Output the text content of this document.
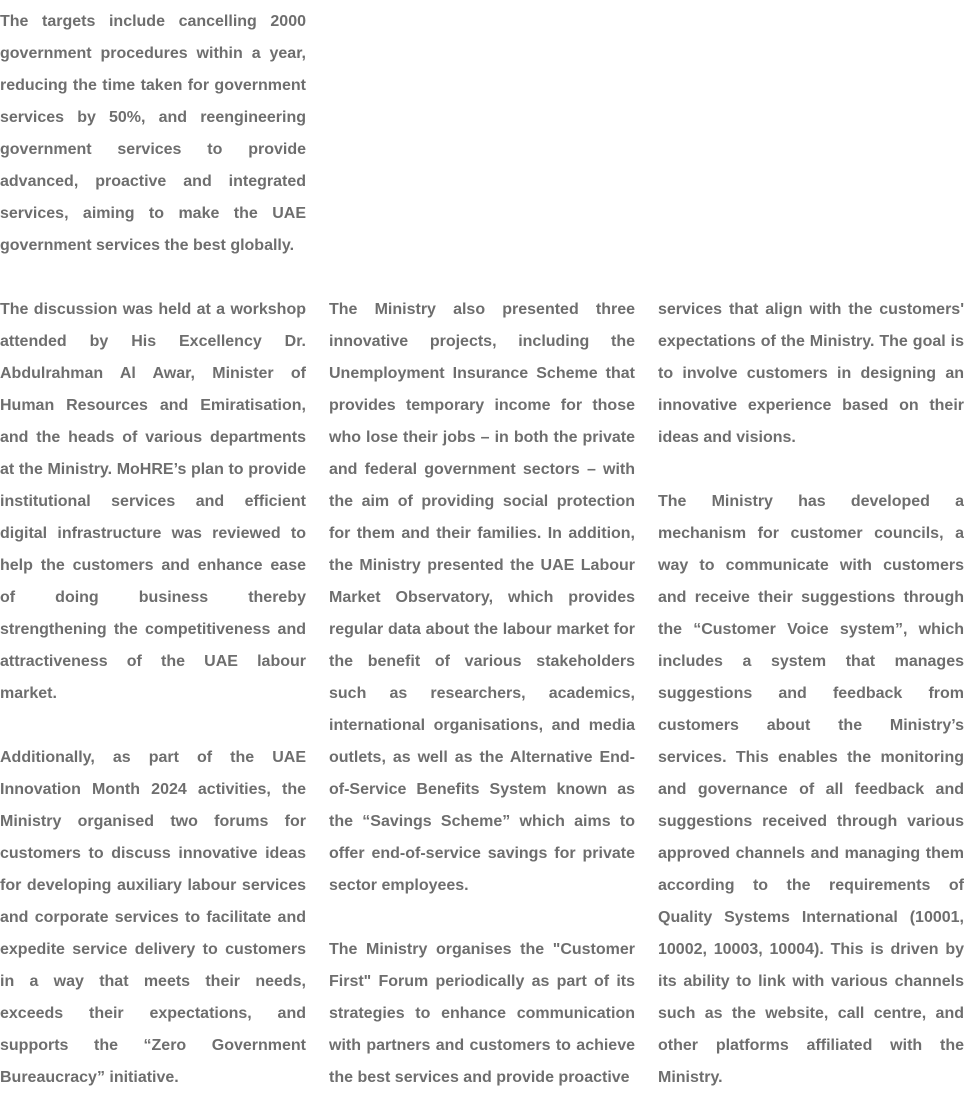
The targets include cancelling 2000 government procedures within a year, reducing the time taken for government services by 50%, and reengineering government services to provide advanced, proactive and integrated services, aiming to make the UAE government services the best globally.

The discussion was held at a workshop attended by His Excellency Dr. Abdulrahman Al Awar, Minister of Human Resources and Emiratisation, and the heads of various departments at the Ministry. MoHRE’s plan to provide institutional services and efficient digital infrastructure was reviewed to help the customers and enhance ease of doing business thereby strengthening the competitiveness and attractiveness of the UAE labour market.

Additionally, as part of the UAE Innovation Month 2024 activities, the Ministry organised two forums for customers to discuss innovative ideas for developing auxiliary labour services and corporate services to facilitate and expedite service delivery to customers in a way that meets their needs, exceeds their expectations, and supports the “Zero Government Bureaucracy” initiative.

The Ministry also presented three innovative projects, including the Unemployment Insurance Scheme that provides temporary income for those who lose their jobs – in both the private and federal government sectors – with the aim of providing social protection for them and their families. In addition, the Ministry presented the UAE Labour Market Observatory, which provides regular data about the labour market for the benefit of various stakeholders such as researchers, academics, international organisations, and media outlets, as well as the Alternative End-of-Service Benefits System known as the “Savings Scheme” which aims to offer end-of-service savings for private sector employees.

The Ministry organises the "Customer First" Forum periodically as part of its strategies to enhance communication with partners and customers to achieve the best services and provide proactive

services that align with the customers' expectations of the Ministry. The goal is to involve customers in designing an innovative experience based on their ideas and visions.

The Ministry has developed a mechanism for customer councils, a way to communicate with customers and receive their suggestions through the “Customer Voice system”, which includes a system that manages suggestions and feedback from customers about the Ministry’s services. This enables the monitoring and governance of all feedback and suggestions received through various approved channels and managing them according to the requirements of Quality Systems International (10001, 10002, 10003, 10004). This is driven by its ability to link with various channels such as the website, call centre, and other platforms affiliated with the Ministry.
